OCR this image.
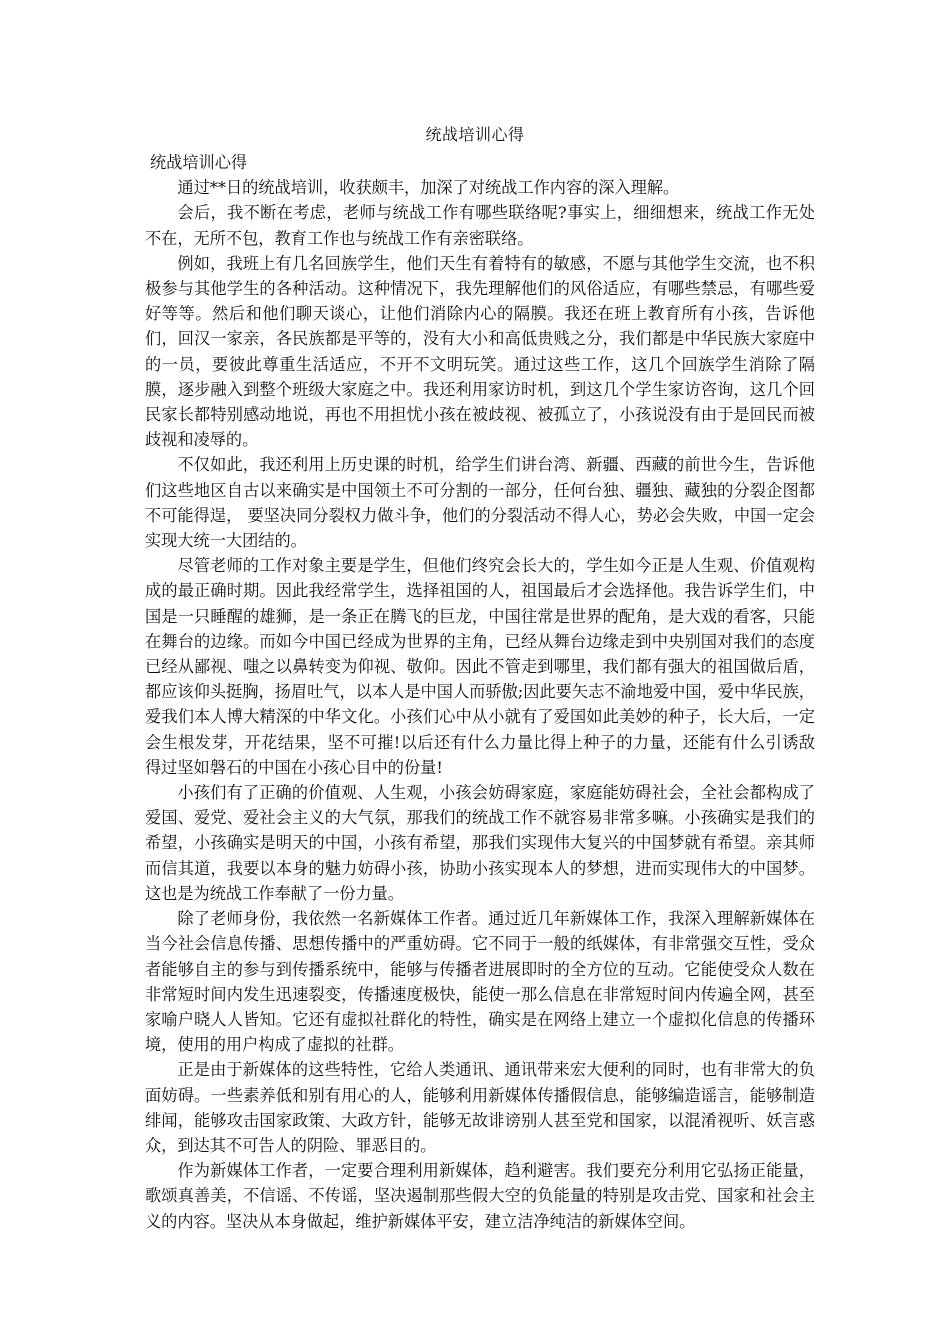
统战培训心得

统战培训心得

通过**日的统战培训，收获颇丰，加深了对统战工作内容的深入理解。

会后，我不断在考虑，老师与统战工作有哪些联络呢?事实上，细细想来，统战工作无处不在，无所不包，教育工作也与统战工作有亲密联络。

例如，我班上有几名回族学生，他们天生有着特有的敏感，不愿与其他学生交流，也不积极参与其他学生的各种活动。这种情况下，我先理解他们的风俗适应，有哪些禁忌，有哪些爱好等等。然后和他们聊天谈心，让他们消除内心的隔膜。我还在班上教育所有小孩，告诉他们，回汉一家亲，各民族都是平等的，没有大小和高低贵贱之分，我们都是中华民族大家庭中的一员，要彼此尊重生活适应，不开不文明玩笑。通过这些工作，这几个回族学生消除了隔膜，逐步融入到整个班级大家庭之中。我还利用家访时机，到这几个学生家访咨询，这几个回民家长都特别感动地说，再也不用担忧小孩在被歧视、被孤立了，小孩说没有由于是回民而被歧视和凌辱的。

不仅如此，我还利用上历史课的时机，给学生们讲台湾、新疆、西藏的前世今生，告诉他们这些地区自古以来确实是中国领土不可分割的一部分，任何台独、疆独、藏独的分裂企图都不可能得逞， 要坚决同分裂权力做斗争，他们的分裂活动不得人心，势必会失败，中国一定会实现大统一大团结的。

尽管老师的工作对象主要是学生，但他们终究会长大的，学生如今正是人生观、价值观构成的最正确时期。因此我经常学生，选择祖国的人，祖国最后才会选择他。我告诉学生们，中国是一只睡醒的雄狮，是一条正在腾飞的巨龙，中国往常是世界的配角，是大戏的看客，只能在舞台的边缘。而如今中国已经成为世界的主角，已经从舞台边缘走到中央别国对我们的态度已经从鄙视、嗤之以鼻转变为仰视、敬仰。因此不管走到哪里，我们都有强大的祖国做后盾，都应该仰头挺胸，扬眉吐气，以本人是中国人而骄傲;因此要矢志不渝地爱中国，爱中华民族，爱我们本人博大精深的中华文化。小孩们心中从小就有了爱国如此美妙的种子，长大后，一定会生根发芽，开花结果，坚不可摧!以后还有什么力量比得上种子的力量，还能有什么引诱敌得过坚如磐石的中国在小孩心目中的份量!

小孩们有了正确的价值观、人生观，小孩会妨碍家庭，家庭能妨碍社会，全社会都构成了爱国、爱党、爱社会主义的大气氛，那我们的统战工作不就容易非常多嘛。小孩确实是我们的希望，小孩确实是明天的中国，小孩有希望，那我们实现伟大复兴的中国梦就有希望。亲其师而信其道，我要以本身的魅力妨碍小孩，协助小孩实现本人的梦想，进而实现伟大的中国梦。这也是为统战工作奉献了一份力量。

除了老师身份，我依然一名新媒体工作者。通过近几年新媒体工作，我深入理解新媒体在当今社会信息传播、思想传播中的严重妨碍。它不同于一般的纸媒体，有非常强交互性，受众者能够自主的参与到传播系统中，能够与传播者进展即时的全方位的互动。它能使受众人数在非常短时间内发生迅速裂变，传播速度极快，能使一那么信息在非常短时间内传遍全网，甚至家喻户晓人人皆知。它还有虚拟社群化的特性，确实是在网络上建立一个虚拟化信息的传播环境，使用的用户构成了虚拟的社群。

正是由于新媒体的这些特性，它给人类通讯、通讯带来宏大便利的同时，也有非常大的负面妨碍。一些素养低和别有用心的人，能够利用新媒体传播假信息，能够编造谣言，能够制造绯闻，能够攻击国家政策、大政方针，能够无故诽谤别人甚至党和国家，以混淆视听、妖言惑众，到达其不可告人的阴险、罪恶目的。

作为新媒体工作者，一定要合理利用新媒体，趋利避害。我们要充分利用它弘扬正能量，歌颂真善美，不信谣、不传谣，坚决遏制那些假大空的负能量的特别是攻击党、国家和社会主义的内容。坚决从本身做起，维护新媒体平安，建立洁净纯洁的新媒体空间。
